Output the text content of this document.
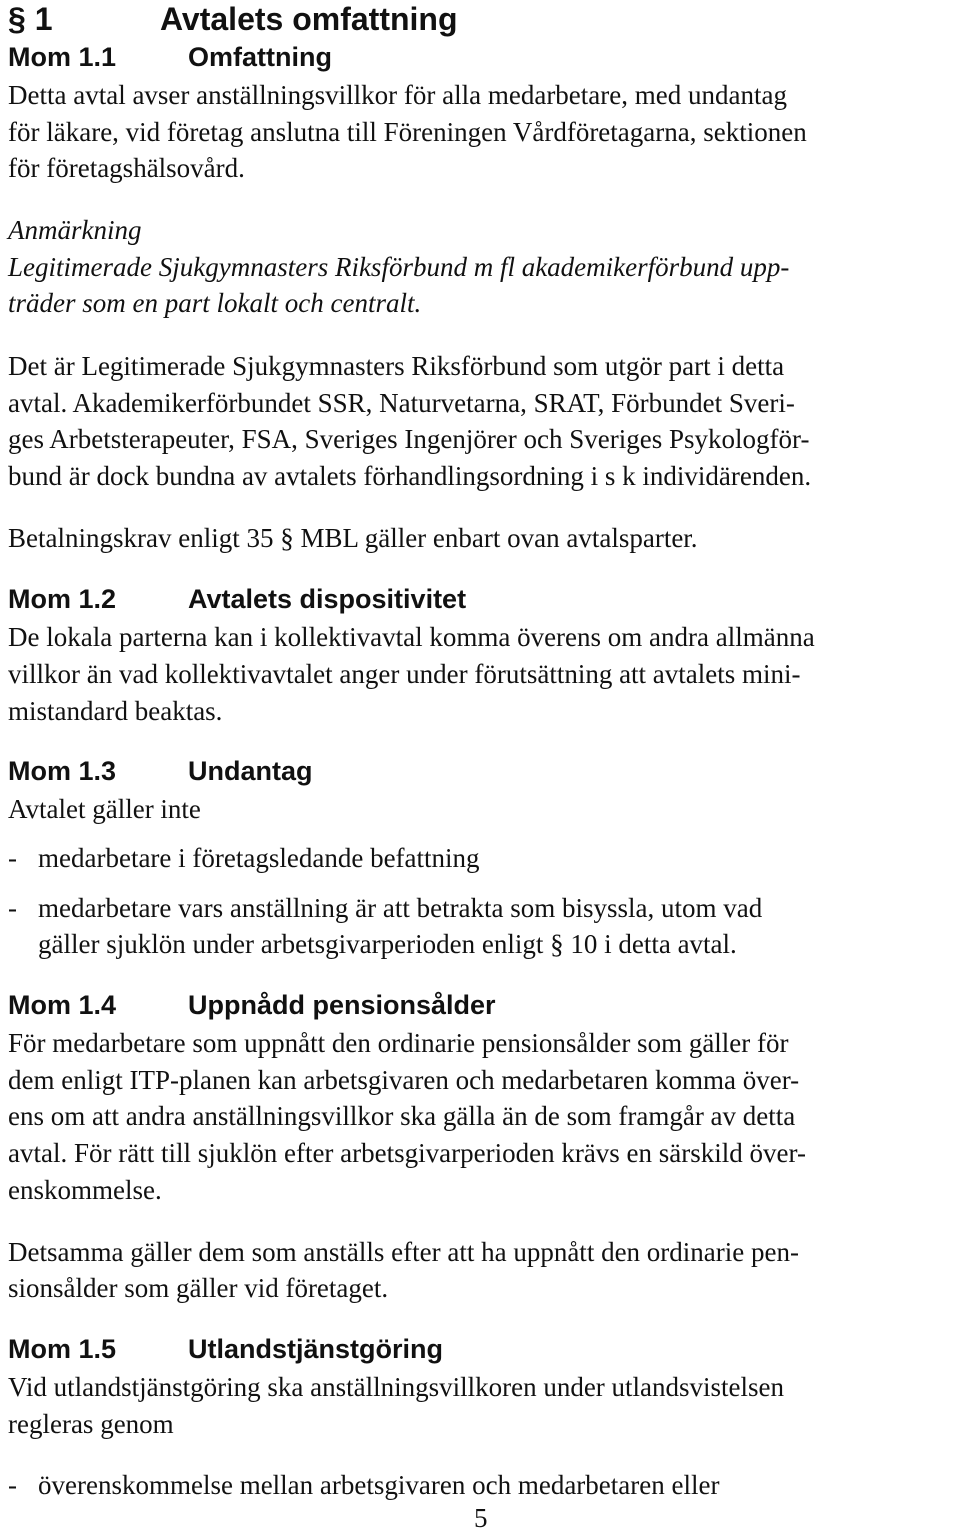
§ 1	Avtalets omfattning
Mom 1.1	Omfattning

Detta avtal avser anställningsvillkor för alla medarbetare, med undantag

för läkare, vid företag anslutna till Föreningen Vårdföretagarna, sektionen

för företagshälsovård.

Anmärkning

Legitimerade Sjukgymnasters Riksförbund m fl akademikerförbund upp-

träder som en part lokalt och centralt.

Det är Legitimerade Sjukgymnasters Riksförbund som utgör part i detta

avtal. Akademikerförbundet SSR, Naturvetarna, SRAT, Förbundet Sveri-

ges Arbetsterapeuter, FSA, Sveriges Ingenjörer och Sveriges Psykologför-

bund är dock bundna av avtalets förhandlingsordning i s k individärenden.

Betalningskrav enligt 35 § MBL gäller enbart ovan avtalsparter.

Mom 1.2	Avtalets dispositivitet

De lokala parterna kan i kollektivavtal komma överens om andra allmänna

villkor än vad kollektivavtalet anger under förutsättning att avtalets mini-

mistandard beaktas.

Mom 1.3	Undantag

Avtalet gäller inte

- medarbetare i företagsledande befattning
- medarbetare vars anställning är att betrakta som bisyssla, utom vad

gäller sjuklön under arbetsgivarperioden enligt § 10 i detta avtal.

Mom 1.4	Uppnådd pensionsålder

För medarbetare som uppnått den ordinarie pensionsålder som gäller för

dem enligt ITP-planen kan arbetsgivaren och medarbetaren komma över-

ens om att andra anställningsvillkor ska gälla än de som framgår av detta

avtal. För rätt till sjuklön efter arbetsgivarperioden krävs en särskild över-

enskommelse.

Detsamma gäller dem som anställs efter att ha uppnått den ordinarie pen-

sionsålder som gäller vid företaget.

Mom 1.5	Utlandstjänstgöring

Vid utlandstjänstgöring ska anställningsvillkoren under utlandsvistelsen

regleras genom

- överenskommelse mellan arbetsgivaren och medarbetaren eller

5
